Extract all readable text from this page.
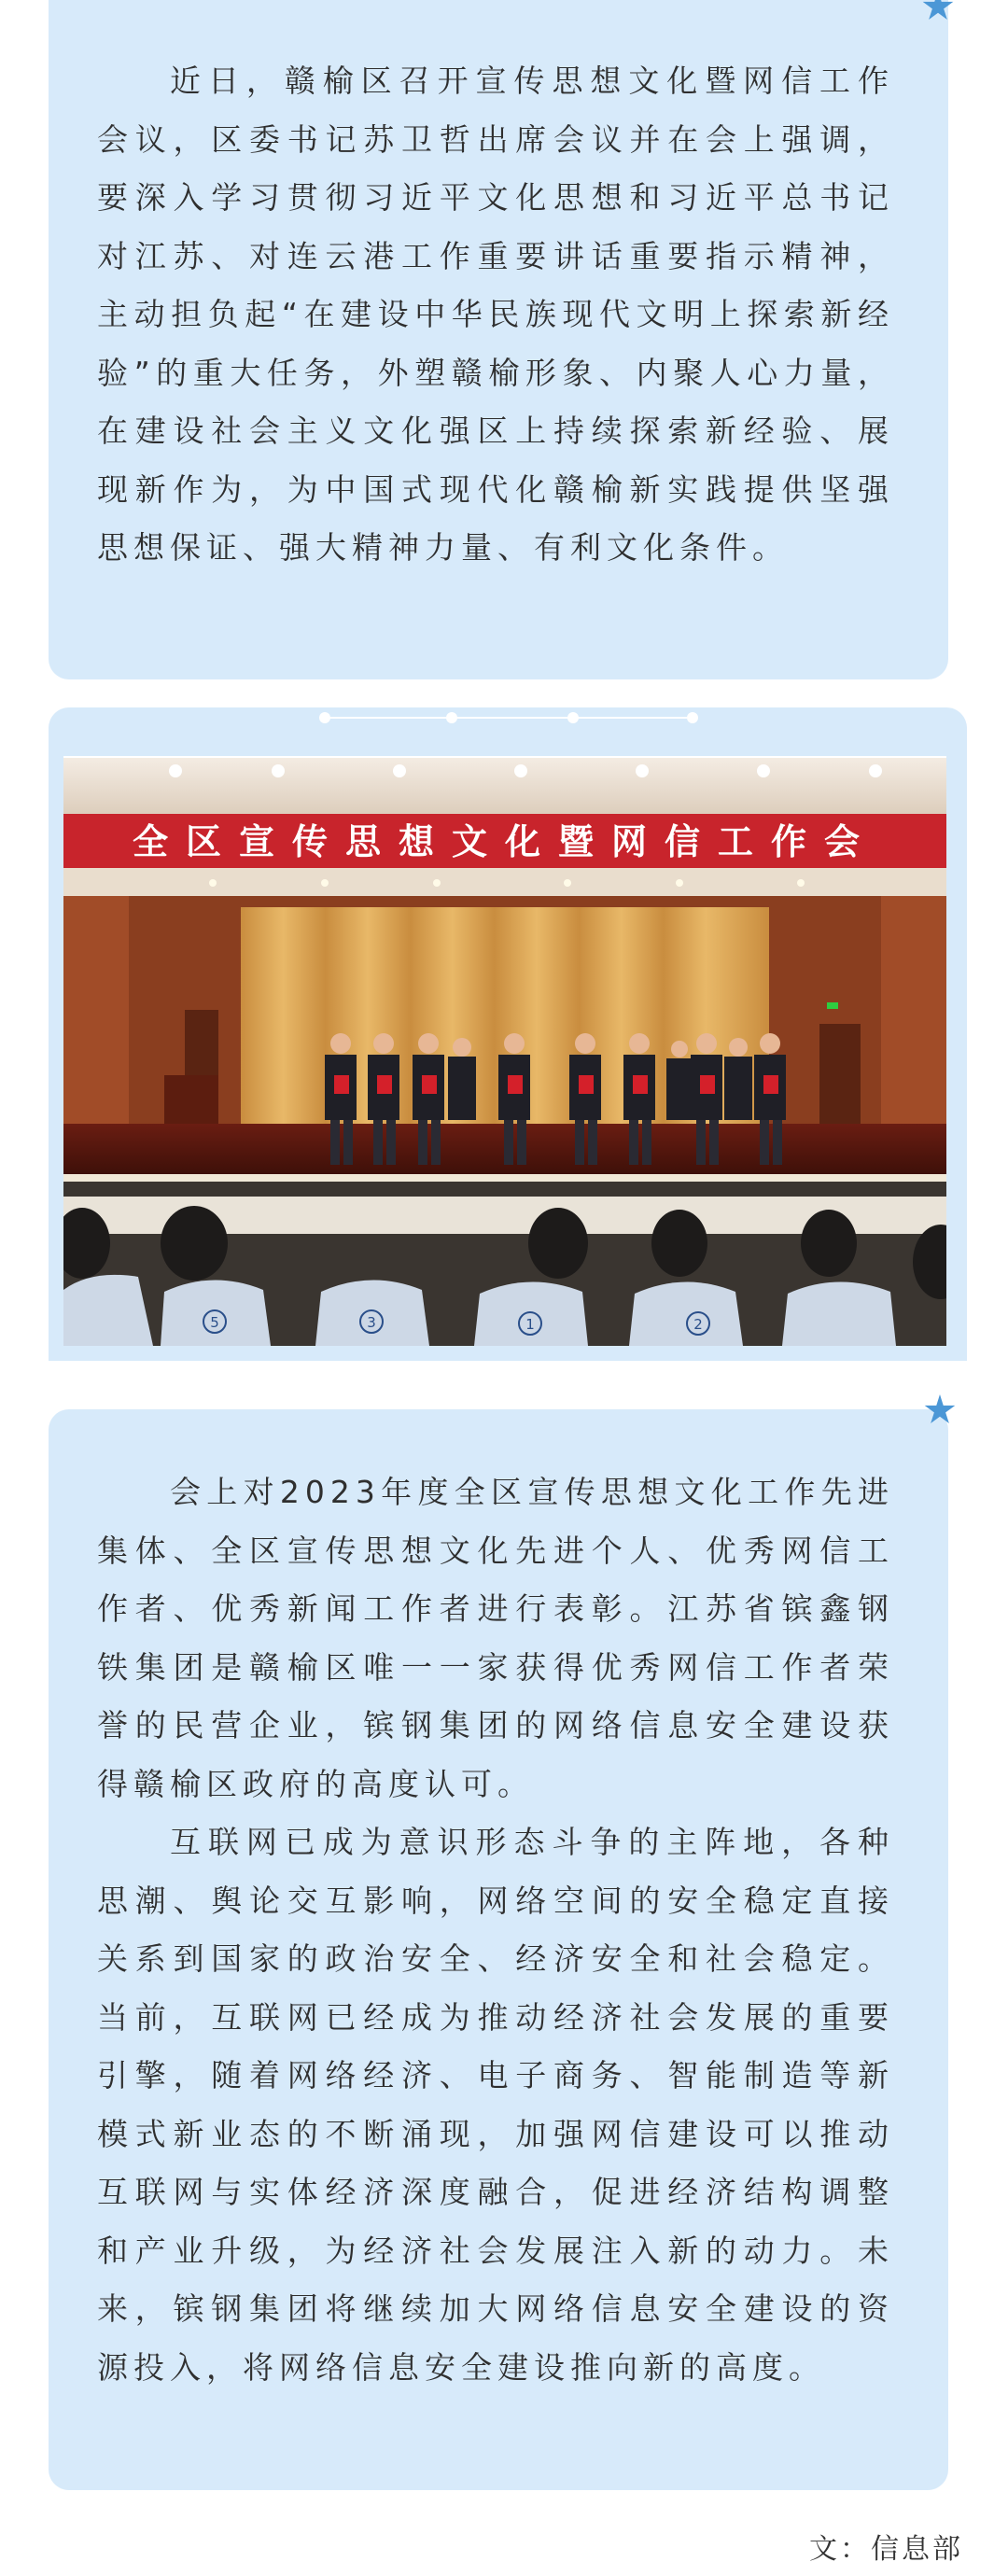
近日，赣榆区召开宣传思想文化暨网信工作会议，区委书记苏卫哲出席会议并在会上强调，要深入学习贯彻习近平文化思想和习近平总书记对江苏、对连云港工作重要讲话重要指示精神，主动担负起“在建设中华民族现代文明上探索新经验”的重大任务，外塑赣榆形象、内聚人心力量，在建设社会主义文化强区上持续探索新经验、展现新作为，为中国式现代化赣榆新实践提供坚强思想保证、强大精神力量、有利文化条件。

全区宣传思想文化暨网信工作会
5	3	1	2

会上对2023年度全区宣传思想文化工作先进集体、全区宣传思想文化先进个人、优秀网信工作者、优秀新闻工作者进行表彰。江苏省镔鑫钢铁集团是赣榆区唯一一家获得优秀网信工作者荣誉的民营企业，镔钢集团的网络信息安全建设获得赣榆区政府的高度认可。

互联网已成为意识形态斗争的主阵地，各种思潮、舆论交互影响，网络空间的安全稳定直接关系到国家的政治安全、经济安全和社会稳定。当前，互联网已经成为推动经济社会发展的重要引擎，随着网络经济、电子商务、智能制造等新模式新业态的不断涌现，加强网信建设可以推动互联网与实体经济深度融合，促进经济结构调整和产业升级，为经济社会发展注入新的动力。未来，镔钢集团将继续加大网络信息安全建设的资源投入，将网络信息安全建设推向新的高度。

文：信息部
